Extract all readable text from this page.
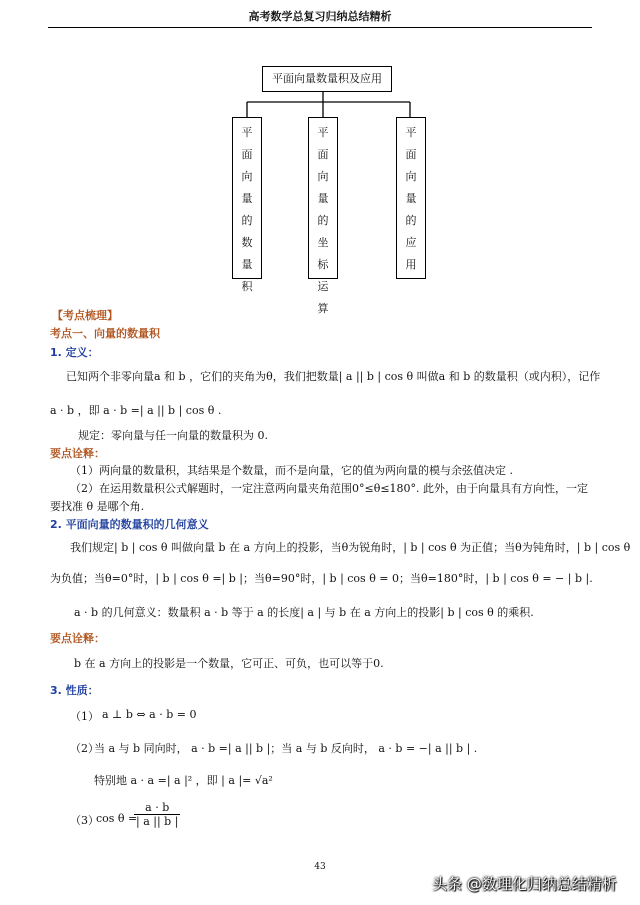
高考数学总复习归纳总结精析
平面向量数量积及应用
平
面
向
量
的
数
量
积
平
面
向
量
的
坐
标
运
算
平
面
向
量
的
应
用
【考点梳理】
考点一、向量的数量积
1. 定义：
已知两个非零向量a 和 b ，它们的夹角为θ，我们把数量| a || b | cos θ 叫做a 和 b 的数量积（或内积），记作
a · b ，即 a · b =| a || b | cos θ .
规定：零向量与任一向量的数量积为 0.
要点诠释：
（1）两向量的数量积，其结果是个数量，而不是向量，它的值为两向量的模与余弦值决定 .
（2）在运用数量积公式解题时，一定注意两向量夹角范围0°≤θ≤180°. 此外，由于向量具有方向性，一定
要找准 θ 是哪个角.
2. 平面向量的数量积的几何意义
我们规定| b | cos θ 叫做向量 b 在 a 方向上的投影，当θ为锐角时，| b | cos θ 为正值；当θ为钝角时，| b | cos θ
为负值；当θ=0°时，| b | cos θ =| b |；当θ=90°时，| b | cos θ = 0；当θ=180°时，| b | cos θ = − | b |.
a · b 的几何意义：数量积 a · b 等于 a 的长度| a | 与 b 在 a 方向上的投影| b | cos θ 的乘积.
要点诠释：
b 在 a 方向上的投影是一个数量，它可正、可负，也可以等于0.
3. 性质：
（1） a ⊥ b ⇔ a · b = 0
（2）
当 a 与 b 同向时， a · b =| a || b |；当 a 与 b 反向时， a · b = −| a || b | .
特别地 a · a =| a |² ，即 | a |= √a²
（3）
cos θ =
$\frac{a \cdot b}{| a || b |}$
43
头条 @数理化归纳总结精析
